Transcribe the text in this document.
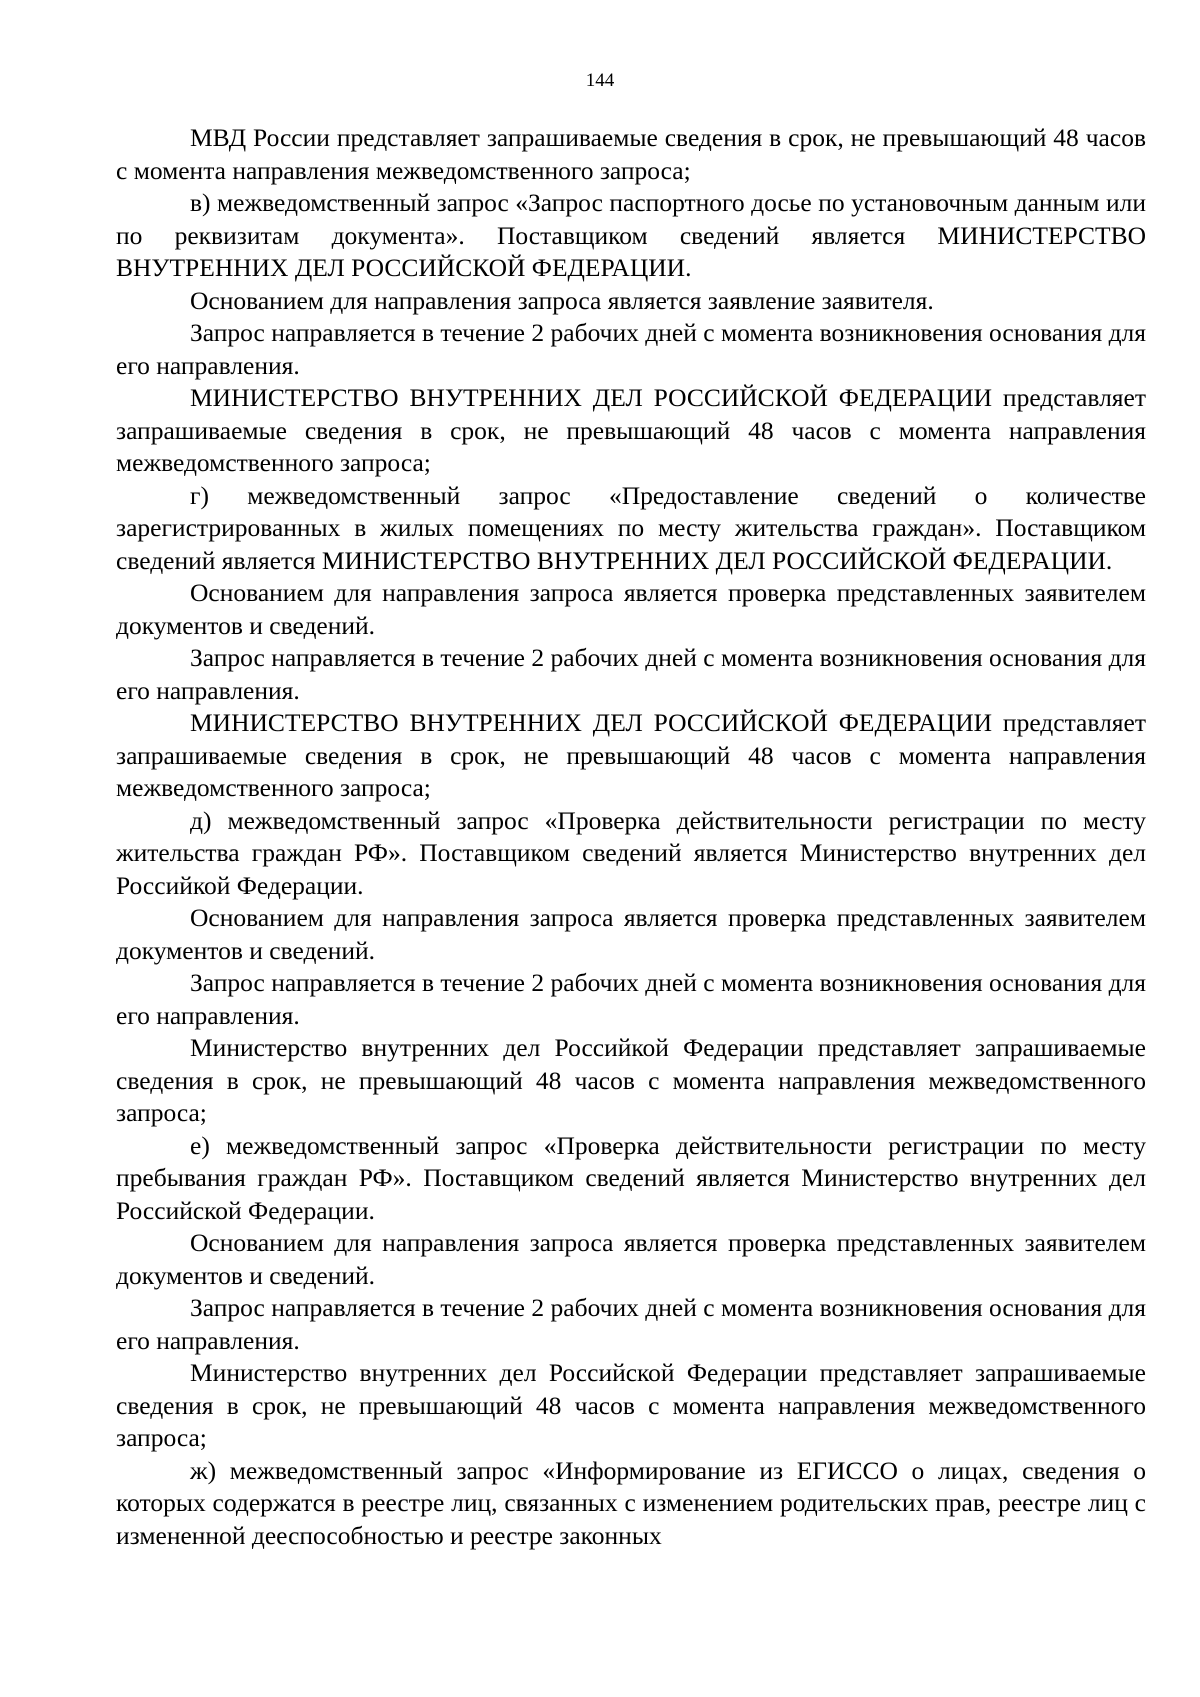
144

МВД России представляет запрашиваемые сведения в срок, не превышающий 48 часов с момента направления межведомственного запроса;

в) межведомственный запрос «Запрос паспортного досье по установочным данным или по реквизитам документа». Поставщиком сведений является МИНИСТЕРСТВО ВНУТРЕННИХ ДЕЛ РОССИЙСКОЙ ФЕДЕРАЦИИ.

Основанием для направления запроса является заявление заявителя.

Запрос направляется в течение 2 рабочих дней с момента возникновения основания для его направления.

МИНИСТЕРСТВО ВНУТРЕННИХ ДЕЛ РОССИЙСКОЙ ФЕДЕРАЦИИ представляет запрашиваемые сведения в срок, не превышающий 48 часов с момента направления межведомственного запроса;

г) межведомственный запрос «Предоставление сведений о количестве зарегистрированных в жилых помещениях по месту жительства граждан». Поставщиком сведений является МИНИСТЕРСТВО ВНУТРЕННИХ ДЕЛ РОССИЙСКОЙ ФЕДЕРАЦИИ.

Основанием для направления запроса является проверка представленных заявителем документов и сведений.

Запрос направляется в течение 2 рабочих дней с момента возникновения основания для его направления.

МИНИСТЕРСТВО ВНУТРЕННИХ ДЕЛ РОССИЙСКОЙ ФЕДЕРАЦИИ представляет запрашиваемые сведения в срок, не превышающий 48 часов с момента направления межведомственного запроса;

д) межведомственный запрос «Проверка действительности регистрации по месту жительства граждан РФ». Поставщиком сведений является Министерство внутренних дел Российкой Федерации.

Основанием для направления запроса является проверка представленных заявителем документов и сведений.

Запрос направляется в течение 2 рабочих дней с момента возникновения основания для его направления.

Министерство внутренних дел Российкой Федерации представляет запрашиваемые сведения в срок, не превышающий 48 часов с момента направления межведомственного запроса;

е) межведомственный запрос «Проверка действительности регистрации по месту пребывания граждан РФ». Поставщиком сведений является Министерство внутренних дел Российской Федерации.

Основанием для направления запроса является проверка представленных заявителем документов и сведений.

Запрос направляется в течение 2 рабочих дней с момента возникновения основания для его направления.

Министерство внутренних дел Российской Федерации представляет запрашиваемые сведения в срок, не превышающий 48 часов с момента направления межведомственного запроса;

ж) межведомственный запрос «Информирование из ЕГИССО о лицах, сведения о которых содержатся в реестре лиц, связанных с изменением родительских прав, реестре лиц с измененной дееспособностью и реестре законных
